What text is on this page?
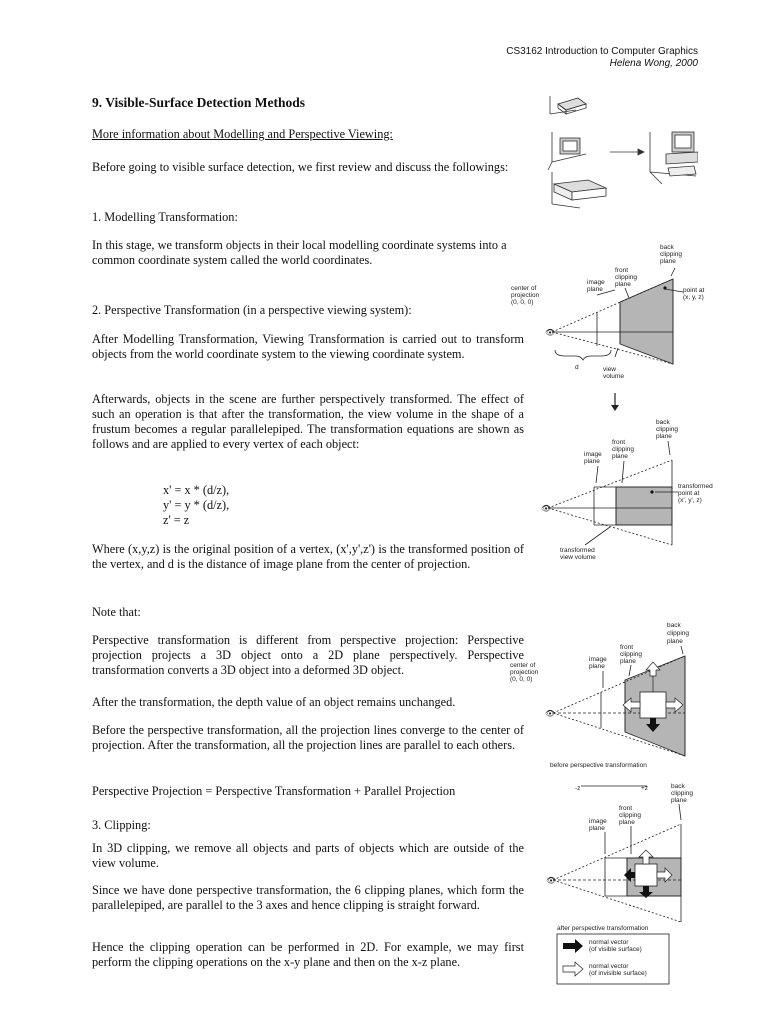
CS3162 Introduction to Computer Graphics
Helena Wong, 2000
9. Visible-Surface Detection Methods
More information about Modelling and Perspective Viewing:
Before going to visible surface detection, we first review and discuss the followings:
1. Modelling Transformation:
In this stage, we transform objects in their local modelling coordinate systems into a common coordinate system called the world coordinates.
2. Perspective Transformation (in a perspective viewing system):
After Modelling Transformation, Viewing Transformation is carried out to transform objects from the world coordinate system to the viewing coordinate system.
Afterwards, objects in the scene are further perspectively transformed. The effect of such an operation is that after the transformation, the view volume in the shape of a frustum becomes a regular parallelepiped. The transformation equations are shown as follows and are applied to every vertex of each object:
x' = x * (d/z),
y' = y * (d/z),
z' = z
Where (x,y,z) is the original position of a vertex, (x',y',z') is the transformed position of the vertex, and d is the distance of image plane from the center of projection.
Note that:
Perspective transformation is different from perspective projection: Perspective projection projects a 3D object onto a 2D plane perspectively. Perspective transformation converts a 3D object into a deformed 3D object.
After the transformation, the depth value of an object remains unchanged.
Before the perspective transformation, all the projection lines converge to the center of projection. After the transformation, all the projection lines are parallel to each others.
Perspective Projection = Perspective Transformation + Parallel Projection
3. Clipping:
In 3D clipping, we remove all objects and parts of objects which are outside of the view volume.
Since we have done perspective transformation, the 6 clipping planes, which form the parallelepiped, are parallel to the 3 axes and hence clipping is straight forward.
Hence the clipping operation can be performed in 2D. For example, we may first perform the clipping operations on the x-y plane and then on the x-z plane.
back
clipping
plane
front
clipping
plane
image
plane
center of
projection
(0, 0, 0)
point at
(x, y, z)
d	view
volume
👁
back
clipping
plane
front
clipping
plane
image
plane
transformed
point at
(x', y', z)
transformed
view volume
👁
back
clipping
plane
front
clipping
plane
image
plane
center of
projection
(0, 0, 0)
before perspective transformation
👁
-z	+z	back
clipping
plane
front
clipping
plane
image
plane
after perspective transformation
👁
normal vector
(of visible surface)
normal vector
(of invisible surface)
